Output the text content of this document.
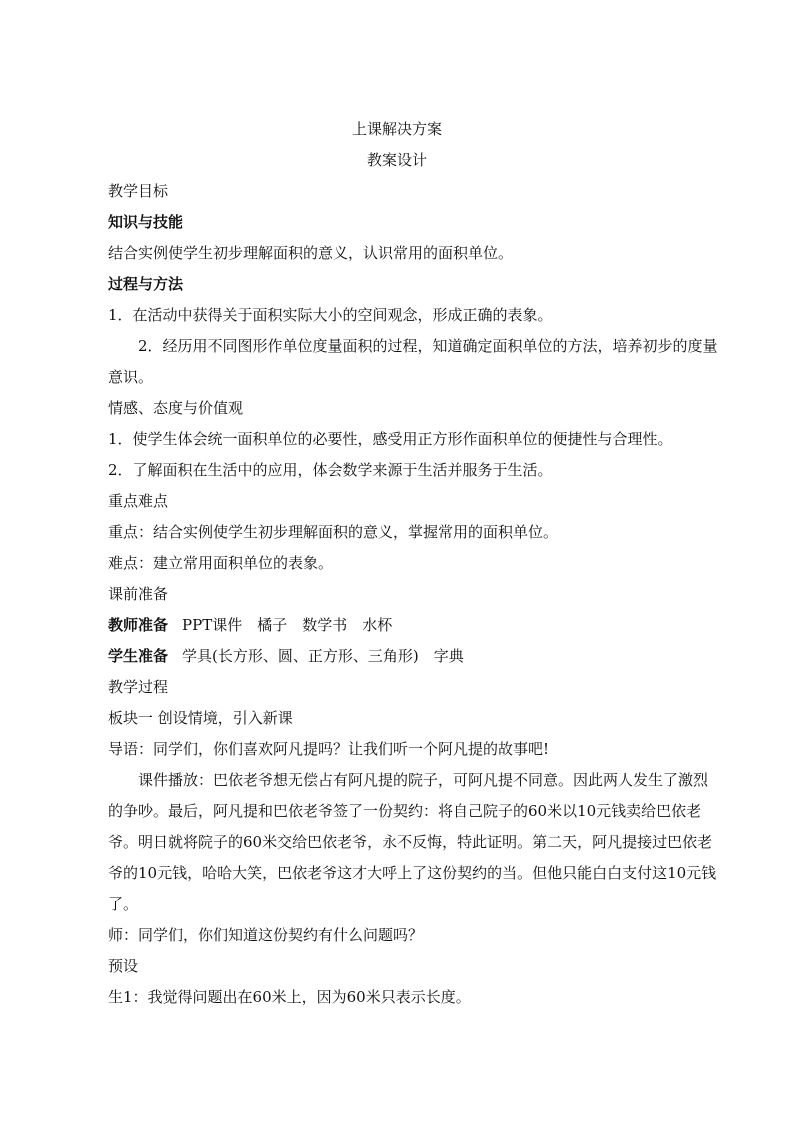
上课解决方案
教案设计

教学目标

知识与技能

结合实例使学生初步理解面积的意义，认识常用的面积单位。

过程与方法

1．在活动中获得关于面积实际大小的空间观念，形成正确的表象。

2．经历用不同图形作单位度量面积的过程，知道确定面积单位的方法，培养初步的度量意识。

情感、态度与价值观

1．使学生体会统一面积单位的必要性，感受用正方形作面积单位的便捷性与合理性。

2．了解面积在生活中的应用，体会数学来源于生活并服务于生活。

重点难点

重点：结合实例使学生初步理解面积的意义，掌握常用的面积单位。

难点：建立常用面积单位的表象。

课前准备

教师准备 PPT课件　橘子　数学书　水杯

学生准备 学具(长方形、圆、正方形、三角形)　字典

教学过程

板块一 创设情境，引入新课

导语：同学们，你们喜欢阿凡提吗？让我们听一个阿凡提的故事吧!

课件播放：巴依老爷想无偿占有阿凡提的院子，可阿凡提不同意。因此两人发生了激烈的争吵。最后，阿凡提和巴依老爷签了一份契约：将自己院子的60米以10元钱卖给巴依老爷。明日就将院子的60米交给巴依老爷，永不反悔，特此证明。第二天，阿凡提接过巴依老爷的10元钱，哈哈大笑，巴依老爷这才大呼上了这份契约的当。但他只能白白支付这10元钱了。

师：同学们，你们知道这份契约有什么问题吗？

预设

生1：我觉得问题出在60米上，因为60米只表示长度。
